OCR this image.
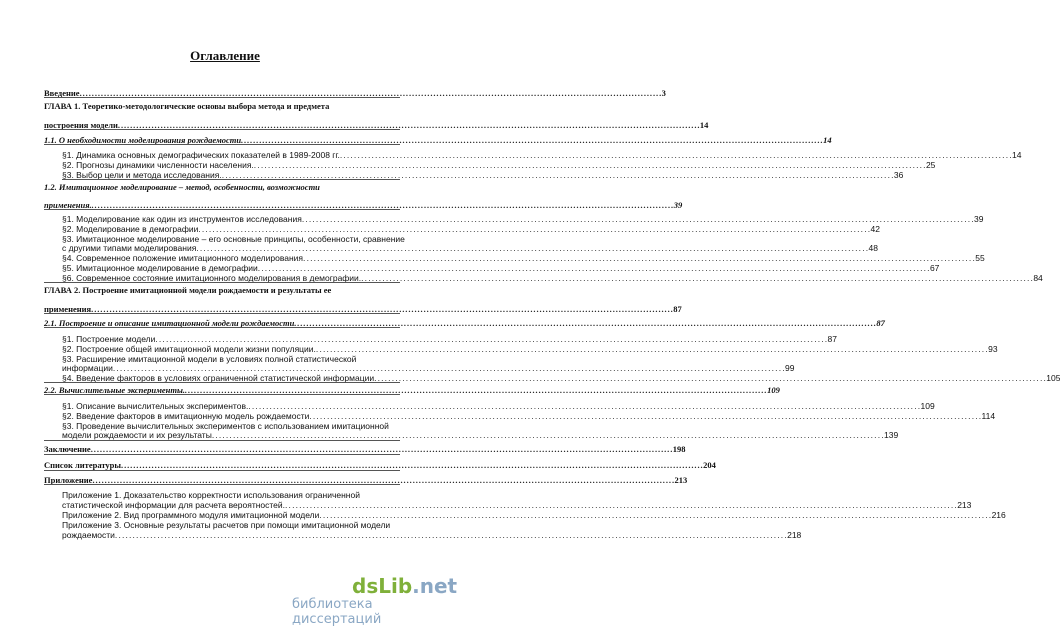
Оглавление
Введение . . .	3
ГЛАВА 1. Теоретико-методологические основы выбора метода и предмета
построения модели . . .	14
1.1. О необходимости моделирования рождаемости . . .	14
§1. Динамика основных демографических показателей в 1989-2008 гг. . . .	14
§2. Прогнозы динамики численности населения. . . .	25
§3. Выбор цели и метода исследования. . . .	36
1.2. Имитационное моделирование – метод, особенности, возможности
применения. . . .	39
§1. Моделирование как один из инструментов исследования . . .	39
§2. Моделирование в демографии . . .	42
§3. Имитационное моделирование – его основные принципы, особенности, сравнение
с другими типами моделирования . . .	48
§4. Современное положение имитационного моделирования . . .	55
§5. Имитационное моделирование в демографии . . .	67
§6. Современное состояние имитационного моделирования в демографии. . . .	84
ГЛАВА 2. Построение имитационной модели рождаемости и результаты ее
применения . . .	87
2.1. Построение и описание имитационной модели рождаемости . . .	87
§1. Построение модели . . .	87
§2. Построение общей имитационной модели жизни популяции. . . .	93
§3. Расширение имитационной модели в условиях полной статистической
информации . . .	99
§4. Введение факторов в условиях ограниченной статистической информации . . .	105
2.2. Вычислительные эксперименты. . . .	109
§1. Описание вычислительных экспериментов. . . .	109
§2. Введение факторов в имитационную модель рождаемости . . .	114
§3. Проведение вычислительных экспериментов с использованием имитационной
модели рождаемости и их результаты . . .	139
Заключение . . .	198
Список литературы . . .	204
Приложение . . .	213
Приложение 1. Доказательство корректности использования ограниченной
статистической информации для расчета вероятностей. . . .	213
Приложение 2. Вид программного модуля имитационной модели . . .	216
Приложение 3. Основные результаты расчетов при помощи имитационной модели
рождаемости . . .	218
dsLib.net
библиотека диссертаций
